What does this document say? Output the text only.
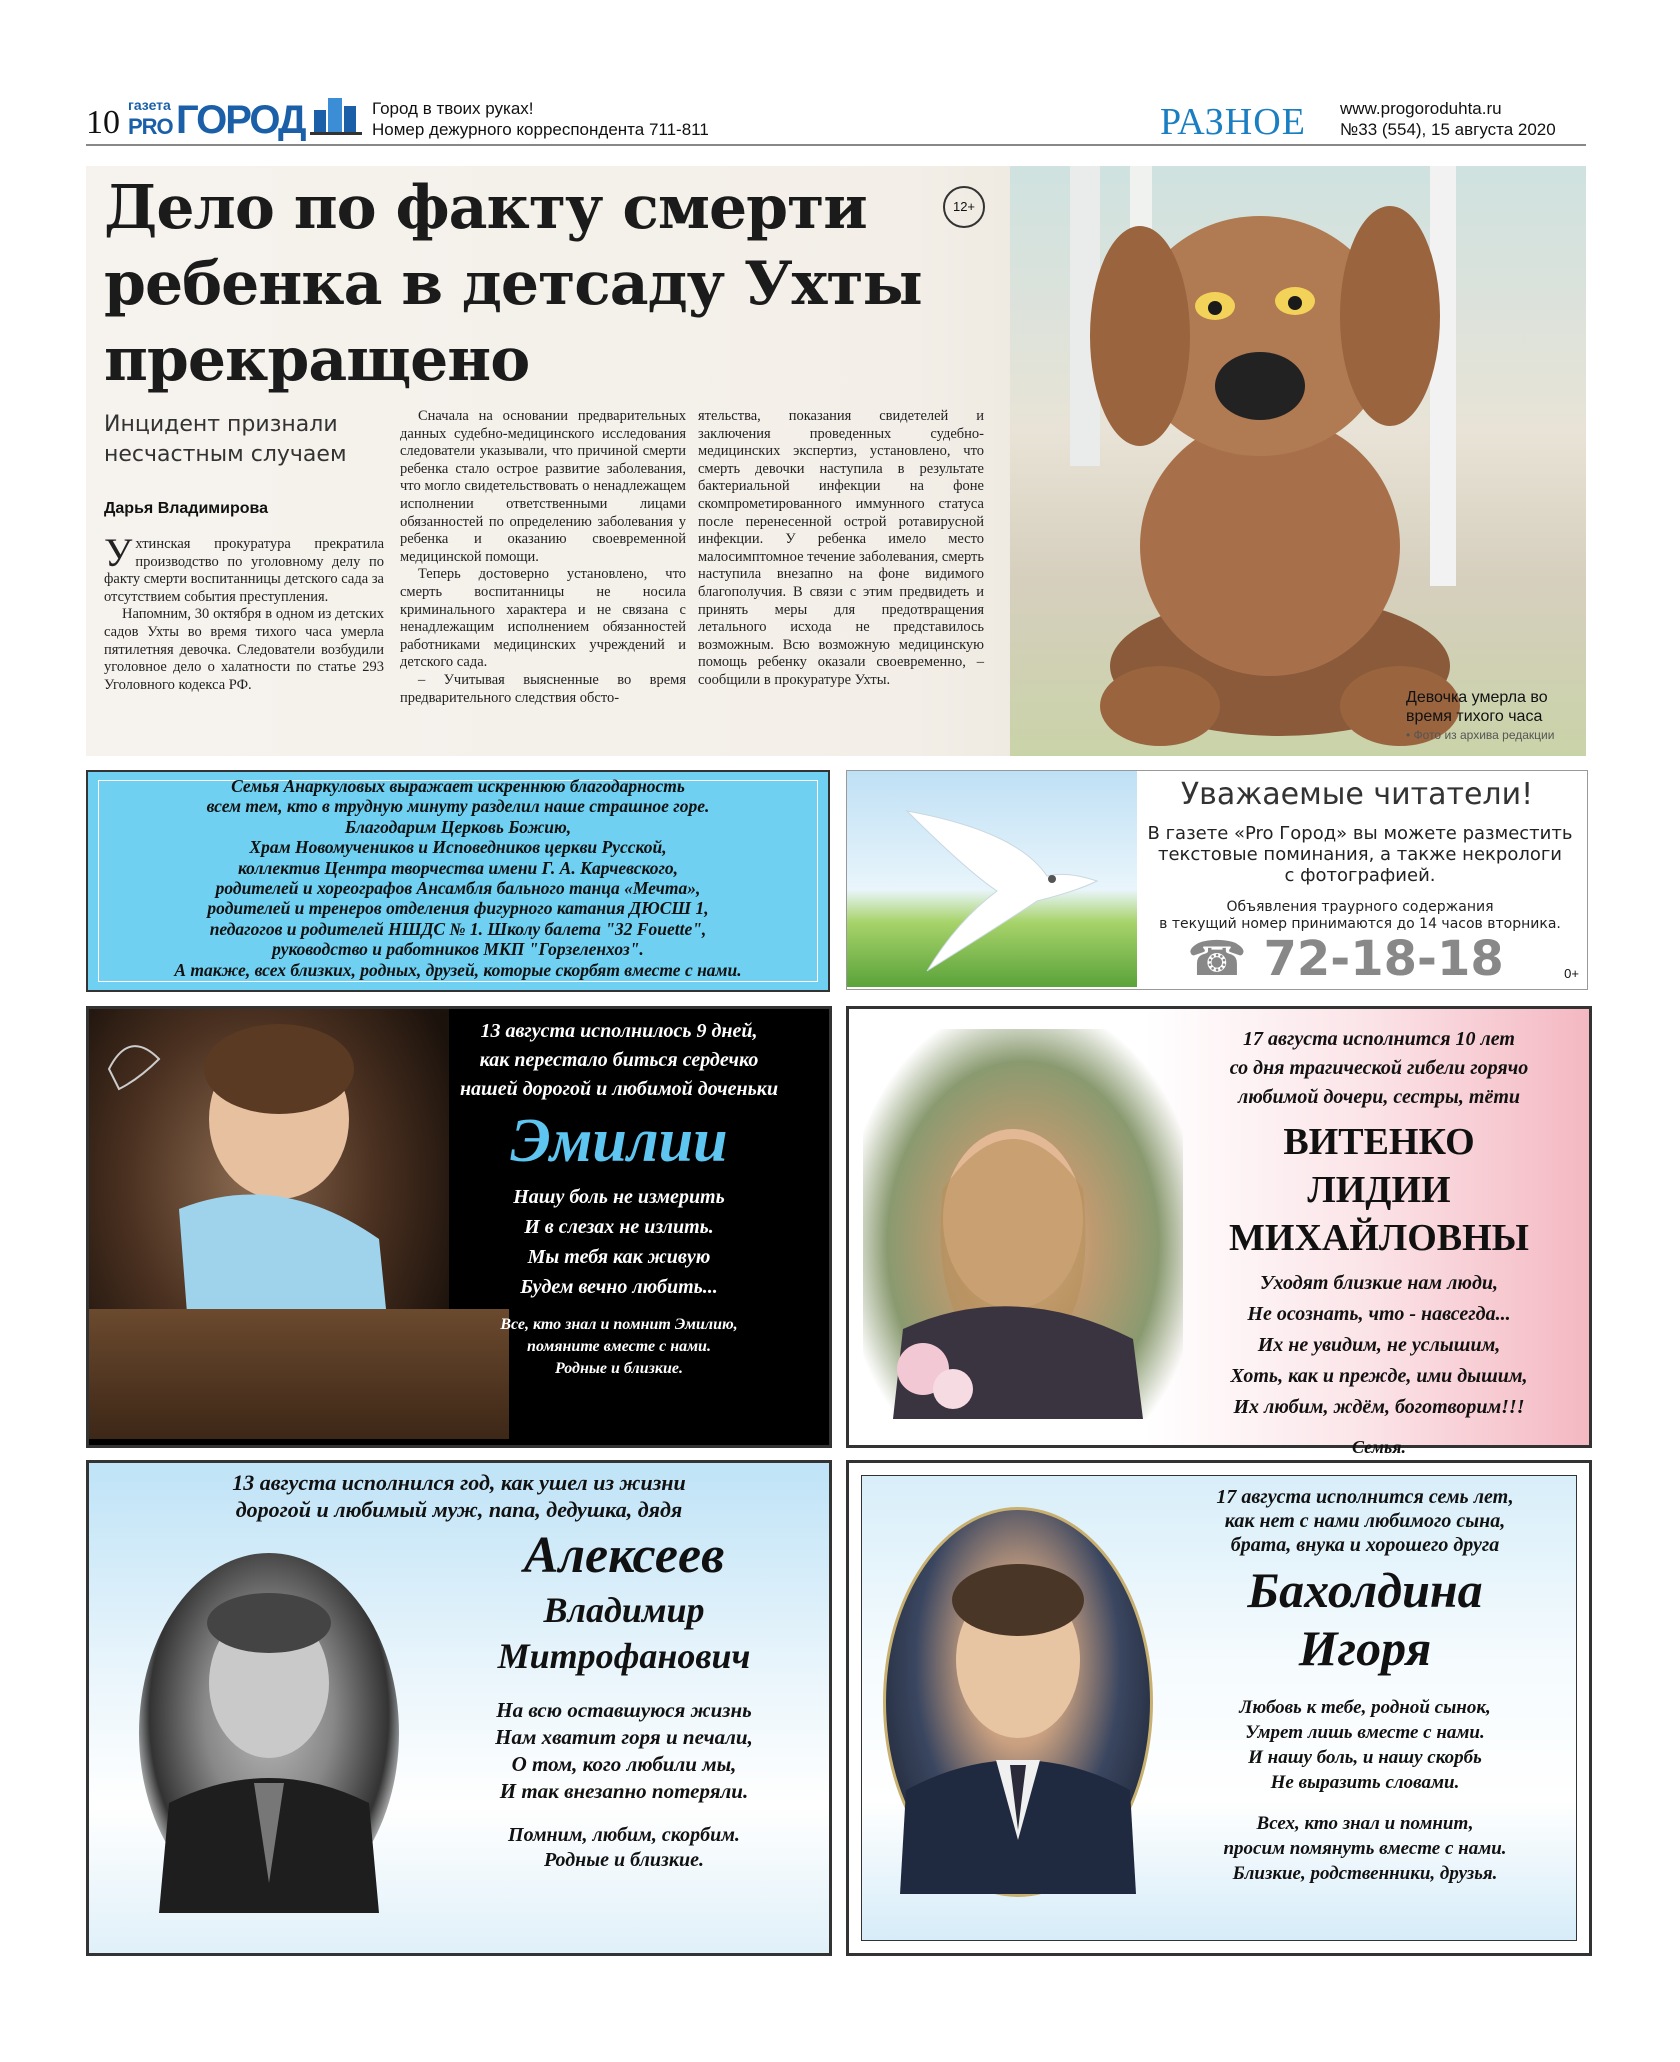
10 газета
PRO ГОРОД	Город в твоих руках!
Номер дежурного корреспондента 711-811	РАЗНОЕ www.progoroduhta.ru
№33 (554), 15 августа 2020
Дело по факту смерти
ребенка в детсаду Ухты
прекращено
12+
Инцидент признали
несчастным случаем
Дарья Владимирова

Ухтинская прокуратура прекратила производство по уголовному делу по факту смерти воспитанницы детского сада за отсутствием события преступления.

Напомним, 30 октября в одном из детских садов Ухты во время тихого часа умерла пятилетняя девочка. Следователи возбудили уголовное дело о халатности по статье 293 Уголовного кодекса РФ.

Сначала на основании предварительных данных судебно-медицинского исследования следователи указывали, что причиной смерти ребенка стало острое развитие заболевания, что могло свидетельствовать о ненадлежащем исполнении ответственными лицами обязанностей по определению заболевания у ребенка и оказанию своевременной медицинской помощи.

Теперь достоверно установлено, что смерть воспитанницы не носила криминального характера и не связана с ненадлежащим исполнением обязанностей работниками медицинских учреждений и детского сада.

– Учитывая выясненные во время предварительного следствия обсто-

ятельства, показания свидетелей и заключения проведенных судебно-медицинских экспертиз, установлено, что смерть девочки наступила в результате бактериальной инфекции на фоне скомпрометированного иммунного статуса после перенесенной острой ротавирусной инфекции. У ребенка имело место малосимптомное течение заболевания, смерть наступила внезапно на фоне видимого благополучия. В связи с этим предвидеть и принять меры для предотвращения летального исхода не представилось возможным. Всю возможную медицинскую помощь ребенку оказали своевременно, – сообщили в прокуратуре Ухты.

Девочка умерла во время тихого часа
• Фото из архива редакции
Семья Анаркуловых выражает искреннюю благодарность
всем тем, кто в трудную минуту разделил наше страшное горе.
Благодарим Церковь Божию,
Храм Новомучеников и Исповедников церкви Русской,
коллектив Центра творчества имени Г. А. Карчевского,
родителей и хореографов Ансамбля бального танца «Мечта»,
родителей и тренеров отделения фигурного катания ДЮСШ 1,
педагогов и родителей НШДС № 1. Школу балета "32 Fouette",
руководство и работников МКП "Горзеленхоз".
А также, всех близких, родных, друзей, которые скорбят вместе с нами.
Уважаемые читатели!
В газете «Pro Город» вы можете разместить
текстовые поминания, а также некрологи
с фотографией.
Объявления траурного содержания
в текущий номер принимаются до 14 часов вторника.
☎ 72-18-18	0+
13 августа исполнилось 9 дней,
как перестало биться сердечко
нашей дорогой и любимой доченьки
Эмилии
Нашу боль не измерить
И в слезах не излить.
Мы тебя как живую
Будем вечно любить...
Все, кто знал и помнит Эмилию,
помяните вместе с нами.
Родные и близкие.
17 августа исполнится 10 лет
со дня трагической гибели горячо
любимой дочери, сестры, тёти
ВИТЕНКО
ЛИДИИ
МИХАЙЛОВНЫ
Уходят близкие нам люди,
Не осознать, что - навсегда...
Их не увидим, не услышим,
Хоть, как и прежде, ими дышим,
Их любим, ждём, боготворим!!!
Семья.
13 августа исполнился год, как ушел из жизни
дорогой и любимый муж, папа, дедушка, дядя
Алексеев
Владимир
Митрофанович
На всю оставшуюся жизнь
Нам хватит горя и печали,
О том, кого любили мы,
И так внезапно потеряли.
Помним, любим, скорбим.
Родные и близкие.
17 августа исполнится семь лет,
как нет с нами любимого сына,
брата, внука и хорошего друга
Бахолдина
Игоря
Любовь к тебе, родной сынок,
Умрет лишь вместе с нами.
И нашу боль, и нашу скорбь
Не выразить словами.
Всех, кто знал и помнит,
просим помянуть вместе с нами.
Близкие, родственники, друзья.
